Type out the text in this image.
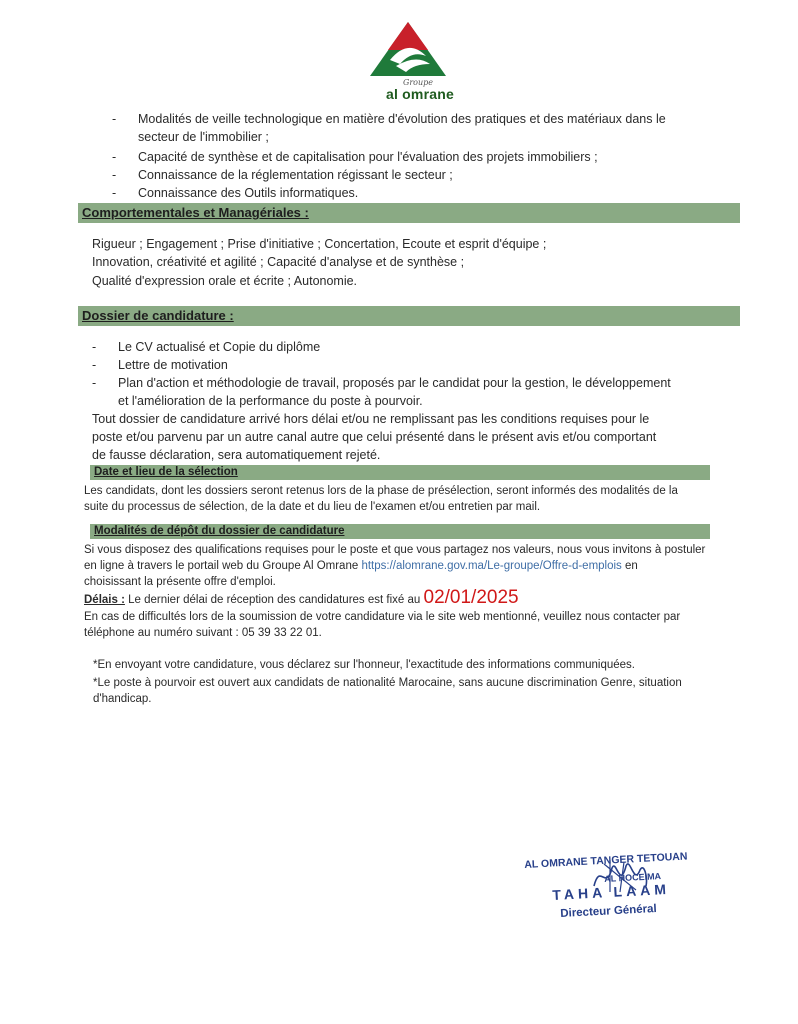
Groupe
al omrane
- Modalités de veille technologique en matière d'évolution des pratiques et des matériaux dans le
secteur de l'immobilier ;
- Capacité de synthèse et de capitalisation pour l'évaluation des projets immobiliers ;
- Connaissance de la réglementation régissant le secteur ;
- Connaissance des Outils informatiques.
Comportementales et Managériales :
Rigueur ; Engagement ; Prise d'initiative ; Concertation, Ecoute et esprit d'équipe ;
Innovation, créativité et agilité ; Capacité d'analyse et de synthèse ;
Qualité d'expression orale et écrite ; Autonomie.
Dossier de candidature :
- Le CV actualisé et Copie du diplôme
- Lettre de motivation
- Plan d'action et méthodologie de travail, proposés par le candidat pour la gestion, le développement
et l'amélioration de la performance du poste à pourvoir.
Tout dossier de candidature arrivé hors délai et/ou ne remplissant pas les conditions requises pour le
poste et/ou parvenu par un autre canal autre que celui présenté dans le présent avis et/ou comportant
de fausse déclaration, sera automatiquement rejeté.
Date et lieu de la sélection
Les candidats, dont les dossiers seront retenus lors de la phase de présélection, seront informés des modalités de la
suite du processus de sélection, de la date et du lieu de l'examen et/ou entretien par mail.
Modalités de dépôt du dossier de candidature
Si vous disposez des qualifications requises pour le poste et que vous partagez nos valeurs, nous vous invitons à postuler
en ligne à travers le portail web du Groupe Al Omrane https://alomrane.gov.ma/Le-groupe/Offre-d-emplois en
choisissant la présente offre d'emploi.
Délais : Le dernier délai de réception des candidatures est fixé au 02/01/2025
En cas de difficultés lors de la soumission de votre candidature via le site web mentionné, veuillez nous contacter par
téléphone au numéro suivant : 05 39 33 22 01.
*En envoyant votre candidature, vous déclarez sur l'honneur, l'exactitude des informations communiquées.
*Le poste à pourvoir est ouvert aux candidats de nationalité Marocaine, sans aucune discrimination Genre, situation
d'handicap.
AL OMRANE TANGER TETOUAN
AL HOCEIMA
TAHA LAAM
Directeur Général
